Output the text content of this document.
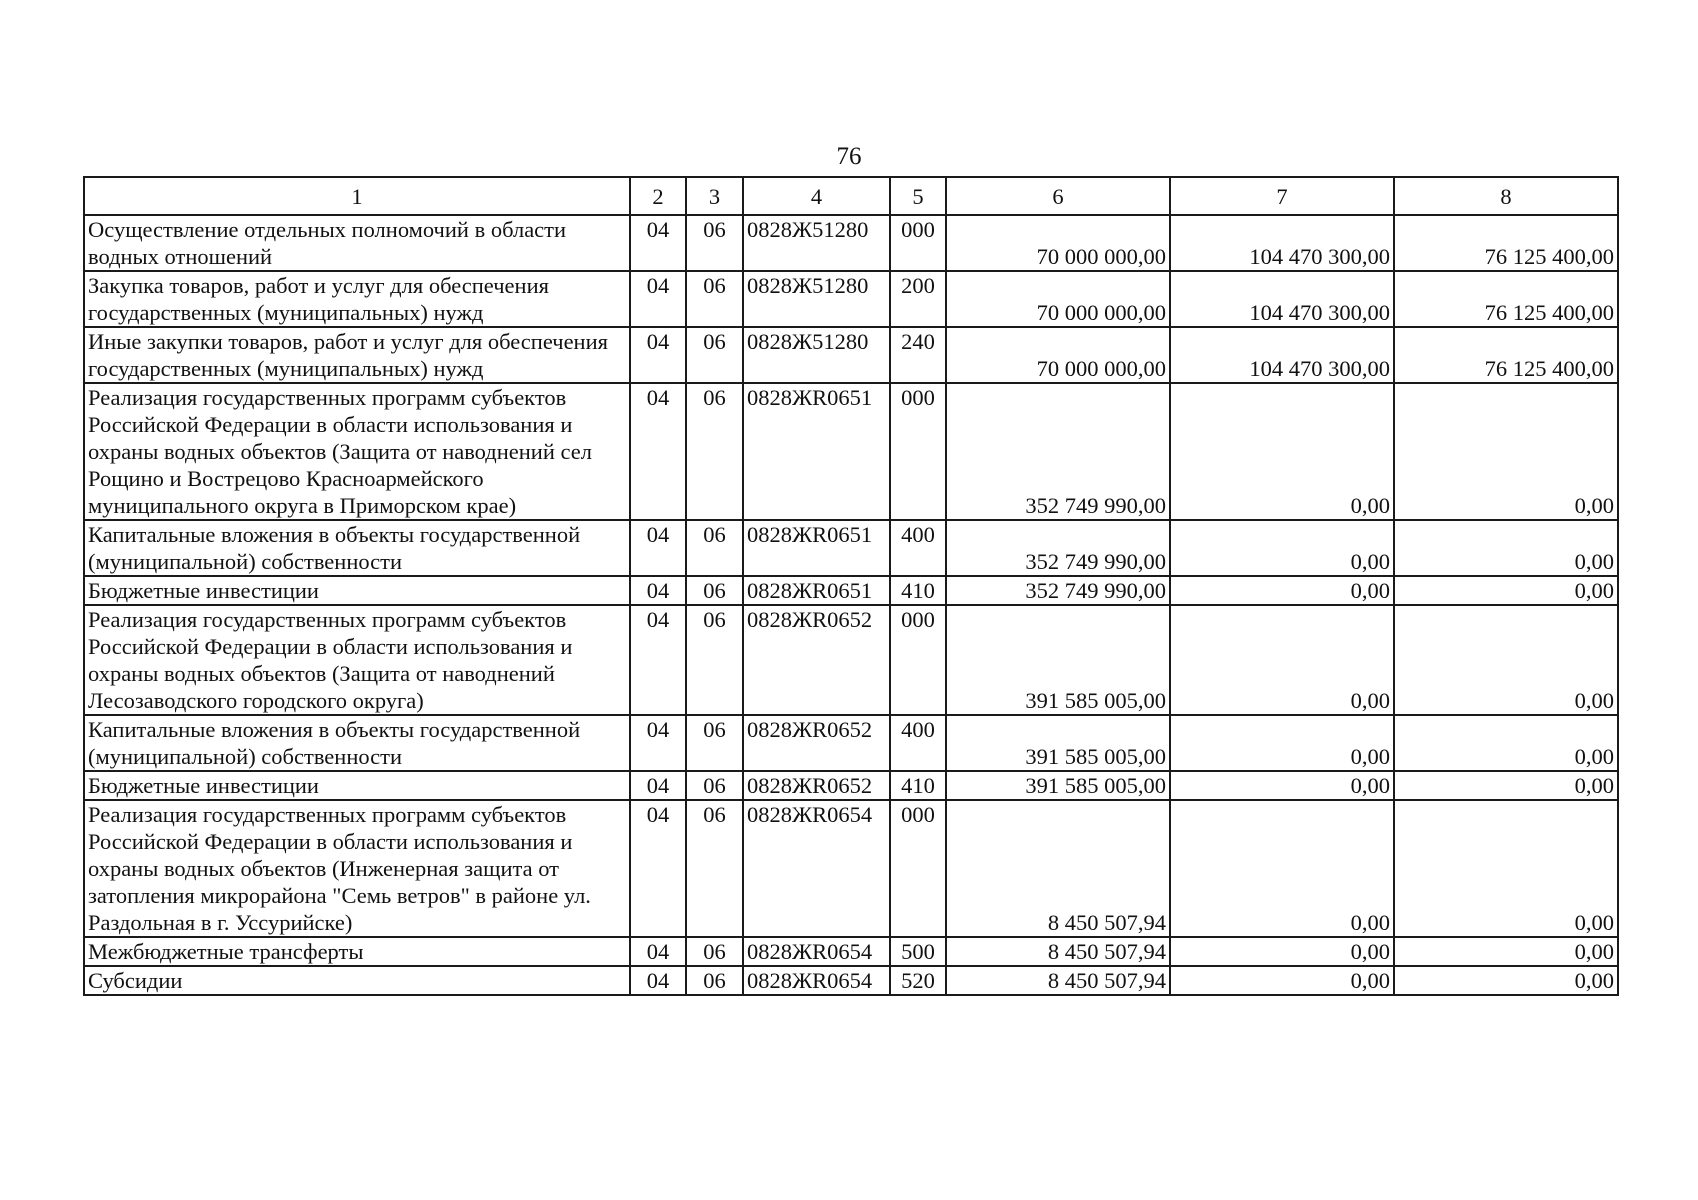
76
1	2	3	4	5	6	7	8
Осуществление отдельных полномочий в области водных отношений	04	06	0828Ж51280	000	70 000 000,00	104 470 300,00	76 125 400,00
Закупка товаров, работ и услуг для обеспечения государственных (муниципальных) нужд	04	06	0828Ж51280	200	70 000 000,00	104 470 300,00	76 125 400,00
Иные закупки товаров, работ и услуг для обеспечения государственных (муниципальных) нужд	04	06	0828Ж51280	240	70 000 000,00	104 470 300,00	76 125 400,00
Реализация государственных программ субъектов Российской Федерации в области использования и охраны водных объектов (Защита от наводнений сел Рощино и Вострецово Красноармейского муниципального округа в Приморском крае)	04	06	0828ЖR0651	000	352 749 990,00	0,00	0,00
Капитальные вложения в объекты государственной (муниципальной) собственности	04	06	0828ЖR0651	400	352 749 990,00	0,00	0,00
Бюджетные инвестиции	04	06	0828ЖR0651	410	352 749 990,00	0,00	0,00
Реализация государственных программ субъектов Российской Федерации в области использования и охраны водных объектов (Защита от наводнений Лесозаводского городского округа)	04	06	0828ЖR0652	000	391 585 005,00	0,00	0,00
Капитальные вложения в объекты государственной (муниципальной) собственности	04	06	0828ЖR0652	400	391 585 005,00	0,00	0,00
Бюджетные инвестиции	04	06	0828ЖR0652	410	391 585 005,00	0,00	0,00
Реализация государственных программ субъектов Российской Федерации в области использования и охраны водных объектов (Инженерная защита от затопления микрорайона "Семь ветров" в районе ул. Раздольная в г. Уссурийске)	04	06	0828ЖR0654	000	8 450 507,94	0,00	0,00
Межбюджетные трансферты	04	06	0828ЖR0654	500	8 450 507,94	0,00	0,00
Субсидии	04	06	0828ЖR0654	520	8 450 507,94	0,00	0,00
